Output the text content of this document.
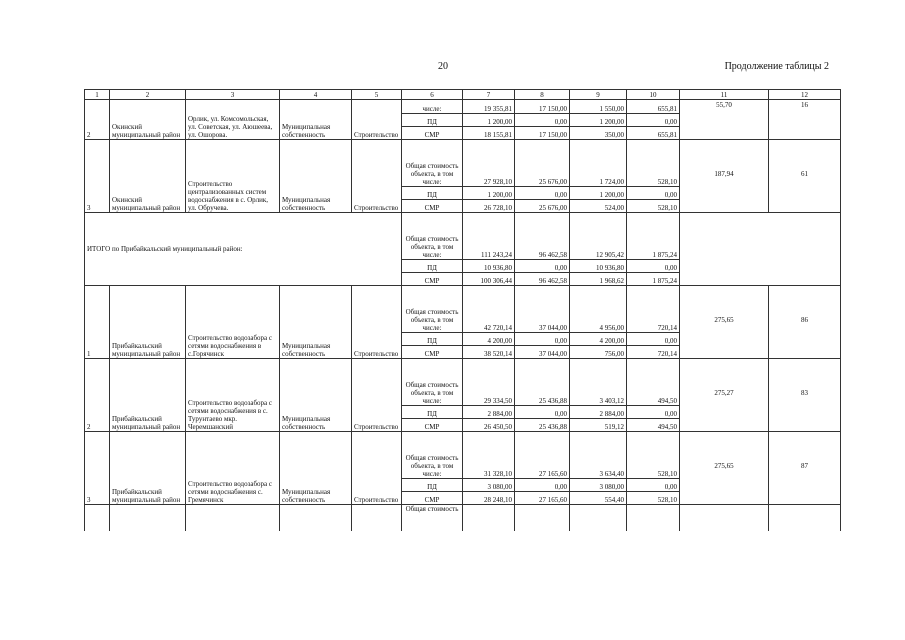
20	Продолжение таблицы 2
1	2	3	4	5	6	7	8	9	10	11	12
2	Окинский муниципальный район	Орлик, ул. Комсомольская, ул. Советская, ул. Аюшеева, ул. Ошорова.	Муниципальная собственность	Строительство	числе:	19 355,81	17 150,00	1 550,00	655,81	55,70	16
					ПД	1 200,00	0,00	1 200,00	0,00		
					СМР	18 155,81	17 150,00	350,00	655,81		
3	Окинский муниципальный район	Строительство централизованных систем водоснабжения в с. Орлик, ул. Обручева.	Муниципальная собственность	Строительство	Общая стоимость объекта, в том числе:	27 928,10	25 676,00	1 724,00	528,10	187,94	61
					ПД	1 200,00	0,00	1 200,00	0,00		
					СМР	26 728,10	25 676,00	524,00	528,10		
ИТОГО по Прибайкальский муниципальный район:					Общая стоимость объекта, в том числе:	111 243,24	96 462,58	12 905,42	1 875,24		
					ПД	10 936,80	0,00	10 936,80	0,00		
					СМР	100 306,44	96 462,58	1 968,62	1 875,24		
1	Прибайкальский муниципальный район	Строительство водозабора с сетями водоснабжения в с.Горячинск	Муниципальная собственность	Строительство	Общая стоимость объекта, в том числе:	42 720,14	37 044,00	4 956,00	720,14	275,65	86
					ПД	4 200,00	0,00	4 200,00	0,00		
					СМР	38 520,14	37 044,00	756,00	720,14		
2	Прибайкальский муниципальный район	Строительство водозабора с сетями водоснабжения в с. Турунтаево мкр. Черемшанский	Муниципальная собственность	Строительство	Общая стоимость объекта, в том числе:	29 334,50	25 436,88	3 403,12	494,50	275,27	83
					ПД	2 884,00	0,00	2 884,00	0,00		
					СМР	26 450,50	25 436,88	519,12	494,50		
3	Прибайкальский муниципальный район	Строительство водозабора с сетями водоснабжения с. Гремячинск	Муниципальная собственность	Строительство	Общая стоимость объекта, в том числе:	31 328,10	27 165,60	3 634,40	528,10	275,65	87
					ПД	3 080,00	0,00	3 080,00	0,00		
					СМР	28 248,10	27 165,60	554,40	528,10		
					Общая стоимость						
